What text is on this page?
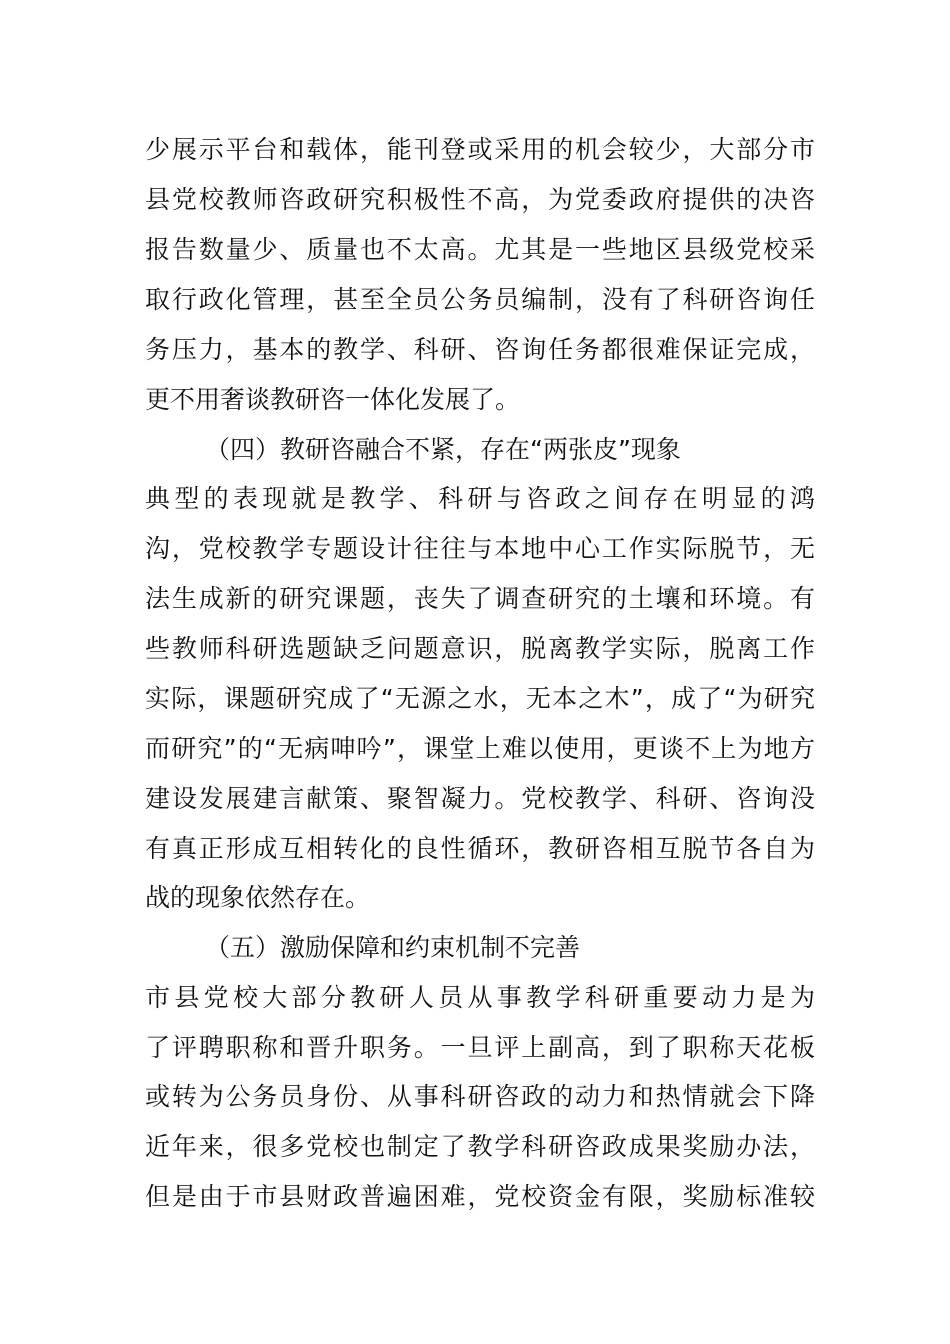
少展示平台和载体，能刊登或采用的机会较少，大部分市
县党校教师咨政研究积极性不高，为党委政府提供的决咨
报告数量少、质量也不太高。尤其是一些地区县级党校采
取行政化管理，甚至全员公务员编制，没有了科研咨询任
务压力，基本的教学、科研、咨询任务都很难保证完成，
更不用奢谈教研咨一体化发展了。
（四）教研咨融合不紧，存在“两张皮”现象
典型的表现就是教学、科研与咨政之间存在明显的鸿
沟，党校教学专题设计往往与本地中心工作实际脱节，无
法生成新的研究课题，丧失了调查研究的土壤和环境。有
些教师科研选题缺乏问题意识，脱离教学实际，脱离工作
实际，课题研究成了“无源之水，无本之木”，成了“为研究
而研究”的“无病呻吟”，课堂上难以使用，更谈不上为地方
建设发展建言献策、聚智凝力。党校教学、科研、咨询没
有真正形成互相转化的良性循环，教研咨相互脱节各自为
战的现象依然存在。
（五）激励保障和约束机制不完善
市县党校大部分教研人员从事教学科研重要动力是为
了评聘职称和晋升职务。一旦评上副高，到了职称天花板
或转为公务员身份、从事科研咨政的动力和热情就会下降
近年来，很多党校也制定了教学科研咨政成果奖励办法，
但是由于市县财政普遍困难，党校资金有限，奖励标准较
